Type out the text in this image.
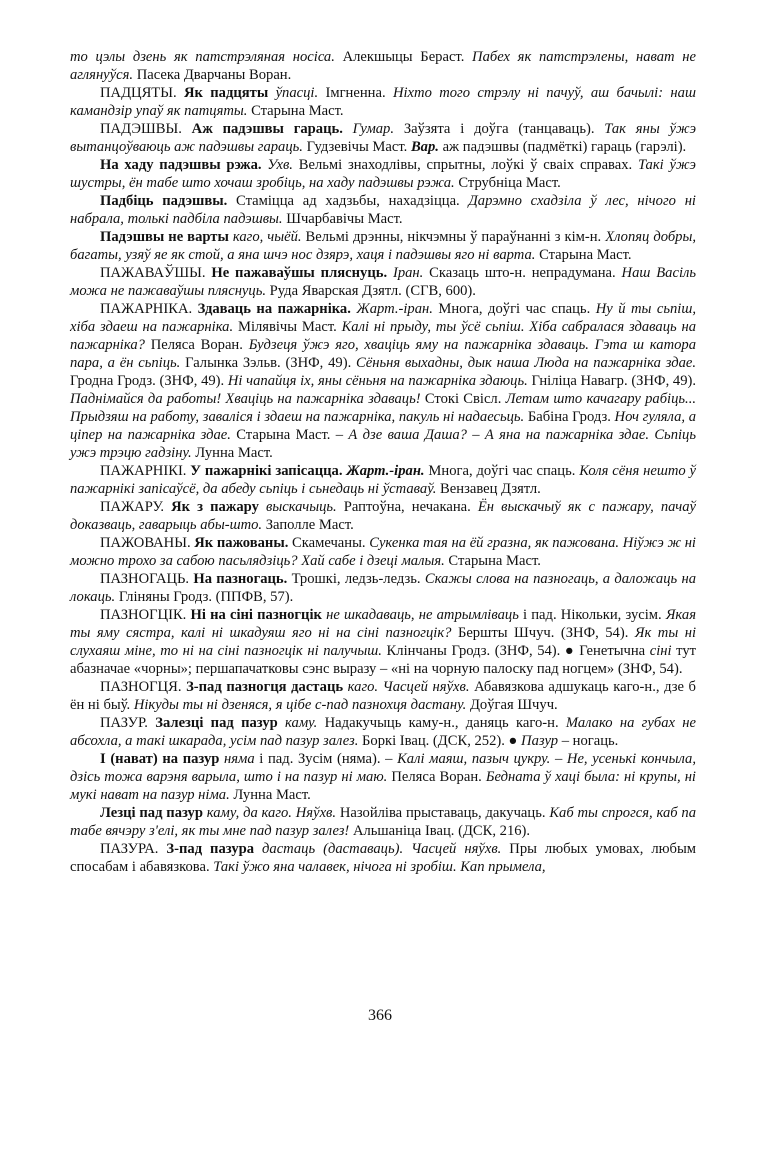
то цэлы дзень як патстрэляная носіса. Алекшыцы Бераст. Пабех як патстрэлены, нават не аглянуўся. Пасека Дварчаны Воран.

ПАДЦЯТЫ. Як падцяты ўпасці. Імгненна. Ніхто того стрэлу ні пачуў, аш бачылі: наш камандзір упаў як патцяты. Старына Маст.

ПАДЭШВЫ. Аж падэшвы гараць. Гумар. Заўзята і доўга (танцаваць). Так яны ўжэ вытанцоўваюць аж падэшвы гараць. Гудзевічы Маст. Вар. аж падэшвы (падмёткі) гараць (гарэлі).

На хаду падэшвы рэжа. Ухв. Вельмі знаходлівы, спрытны, лоўкі ў сваіх справах. Такі ўжэ шустры, ён табе што хочаш зробіць, на хаду падэшвы рэжа. Струбніца Маст.

Падбіць падэшвы. Стаміцца ад хадзьбы, нахадзіцца. Дарэмно схадзіла ў лес, нічого ні набрала, толькі падбіла падэшвы. Шчарбавічы Маст.

Падэшвы не варты каго, чыёй. Вельмі дрэнны, нікчэмны ў параўнанні з кім-н. Хлопяц добры, багаты, узяў яе як стой, а яна шчэ нос дзярэ, хаця і падэшвы яго ні варта. Старына Маст.

ПАЖАВАЎШЫ. Не пажаваўшы пляснуць. Іран. Сказаць што-н. непрадумана. Наш Васіль можа не пажаваўшы пляснуць. Руда Яварская Дзятл. (СГВ, 600).

ПАЖАРНІКА. Здаваць на пажарніка. Жарт.-іран. Многа, доўгі час спаць. Ну й ты сьпіш, хіба здаеш на пажарніка. Мілявічы Маст. Калі ні прыду, ты ўсё сьпіш. Хіба сабралася здаваць на пажарніка? Пеляса Воран. Будзеця ўжэ яго, хваціць яму на пажарніка здаваць. Гэта ш катора пара, а ён сьпіць. Галынка Зэльв. (ЗНФ, 49). Сёньня выхадны, дык наша Люда на пажарніка здае. Гродна Гродз. (ЗНФ, 49). Ні чапайця іх, яны сёньня на пажарніка здаюць. Гніліца Навагр. (ЗНФ, 49). Паднімайся да работы! Хваціць на пажарніка здаваць! Стокі Свісл. Летам што качагару рабіць... Прыдзяш на работу, заваліся і здаеш на пажарніка, пакуль ні надаесьць. Бабіна Гродз. Ноч гуляла, а ціпер на пажарніка здае. Старына Маст. – А дзе ваша Даша? – А яна на пажарніка здае. Сьпіць ужэ трэцю гадзіну. Лунна Маст.

ПАЖАРНІКІ. У пажарнікі запісацца. Жарт.-іран. Многа, доўгі час спаць. Коля сёня нешто ў пажарнікі запісаўсё, да абеду сьпіць і сьнедаць ні ўставаў. Вензавец Дзятл.

ПАЖАРУ. Як з пажару выскачыць. Раптоўна, нечакана. Ён выскачыў як с пажару, пачаў доказваць, гаварыць абы-што. Заполле Маст.

ПАЖОВАНЫ. Як пажованы. Скамечаны. Сукенка тая на ёй гразна, як пажована. Ніўжэ ж ні можно трохо за сабою пасьлядзіць? Хай сабе і дзеці малыя. Старына Маст.

ПАЗНОГАЦЬ. На пазногаць. Трошкі, ледзь-ледзь. Скажы слова на пазногаць, а даложаць на локаць. Гліняны Гродз. (ППФВ, 57).

ПАЗНОГЦІК. Ні на сіні пазногцік не шкадаваць, не атрымліваць і пад. Нікольки, зусім. Якая ты яму сястра, калі ні шкадуяш яго ні на сіні пазногцік? Бершты Шчуч. (ЗНФ, 54). Як ты ні слухаяш міне, то ні на сіні пазногцік ні палучыш. Клінчаны Гродз. (ЗНФ, 54). ● Генетычна сіні тут абазначае «чорны»; першапачатковы сэнс выразу – «ні на чорную палоску пад ногцем» (ЗНФ, 54).

ПАЗНОГЦЯ. З-пад пазногця дастаць каго. Часцей няўхв. Абавязкова адшукаць каго-н., дзе б ён ні быў. Нікуды ты ні дзеняся, я цібе с-пад пазнохця дастану. Доўгая Шчуч.

ПАЗУР. Залезці пад пазур каму. Надакучыць каму-н., даняць каго-н. Малако на губах не абсохла, а такі шкарада, усім пад пазур залез. Боркі Івац. (ДСК, 252). ● Пазур – ногаць.

І (нават) на пазур няма і пад. Зусім (няма). – Калі маяш, пазыч цукру. – Не, усенькі кончыла, дзісь тожа варэня варыла, што і на пазур ні маю. Пеляса Воран. Бедната ў хаці была: ні крупы, ні мукі нават на пазур німа. Лунна Маст.

Лезці пад пазур каму, да каго. Няўхв. Назойліва прыставаць, дакучаць. Каб ты спрогся, каб па табе вячэру з'елі, як ты мне пад пазур залез! Альшаніца Івац. (ДСК, 216).

ПАЗУРА. З-пад пазура дастаць (даставаць). Часцей няўхв. Пры любых умовах, любым спосабам і абавязкова. Такі ўжо яна чалавек, нічога ні зробіш. Кап прымела,

366
